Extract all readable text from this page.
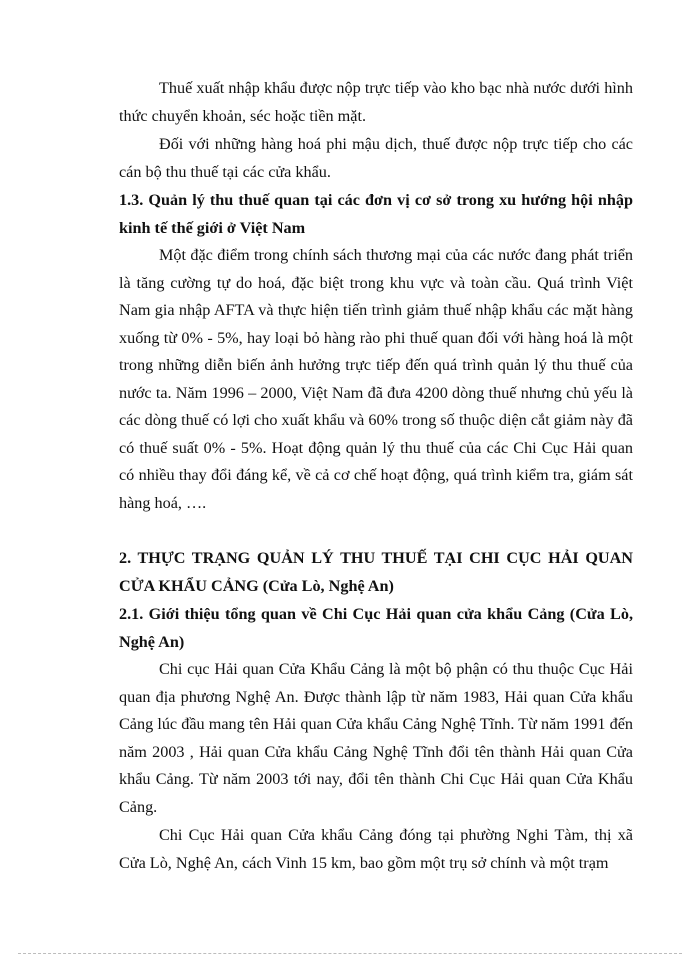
Thuế xuất nhập khẩu được nộp trực tiếp vào kho bạc nhà nước dưới hình thức chuyển khoản, séc hoặc tiền mặt.

Đối với những hàng hoá phi mậu dịch, thuế được nộp trực tiếp cho các cán bộ thu thuế tại các cửa khẩu.

1.3. Quản lý thu thuế quan tại các đơn vị cơ sở trong xu hướng hội nhập kinh tế thế giới ở Việt Nam

Một đặc điểm trong chính sách thương mại của các nước đang phát triển là tăng cường tự do hoá, đặc biệt trong khu vực và toàn cầu. Quá trình Việt Nam gia nhập AFTA và thực hiện tiến trình giảm thuế nhập khẩu các mặt hàng xuống từ 0% - 5%, hay loại bỏ hàng rào phi thuế quan đối với hàng hoá là một trong những diễn biến ảnh hưởng trực tiếp đến quá trình quản lý thu thuế của nước ta. Năm 1996 – 2000, Việt Nam đã đưa 4200 dòng thuế nhưng chủ yếu là các dòng thuế có lợi cho xuất khẩu và 60% trong số thuộc diện cắt giảm này đã có thuế suất 0% - 5%. Hoạt động quản lý thu thuế của các Chi Cục Hải quan có nhiều thay đổi đáng kể, về cả cơ chế hoạt động, quá trình kiểm tra, giám sát hàng hoá, ….

2. THỰC TRẠNG QUẢN LÝ THU THUẾ TẠI CHI CỤC HẢI QUAN CỬA KHẨU CẢNG (Cửa Lò, Nghệ An)

2.1. Giới thiệu tổng quan về Chi Cục Hải quan cửa khẩu Cảng (Cửa Lò, Nghệ An)

Chi cục Hải quan Cửa Khẩu Cảng là một bộ phận có thu thuộc Cục Hải quan địa phương Nghệ An. Được thành lập từ năm 1983, Hải quan Cửa khẩu Cảng lúc đầu mang tên Hải quan Cửa khẩu Cảng Nghệ Tĩnh. Từ năm 1991 đến năm 2003 , Hải quan Cửa khẩu Cảng Nghệ Tĩnh đổi tên thành Hải quan Cửa khẩu Cảng. Từ năm 2003 tới nay, đổi tên thành Chi Cục Hải quan Cửa Khẩu Cảng.

Chi Cục Hải quan Cửa khẩu Cảng đóng tại phường Nghi Tàm, thị xã Cửa Lò, Nghệ An, cách Vinh 15 km, bao gồm một trụ sở chính và một trạm
